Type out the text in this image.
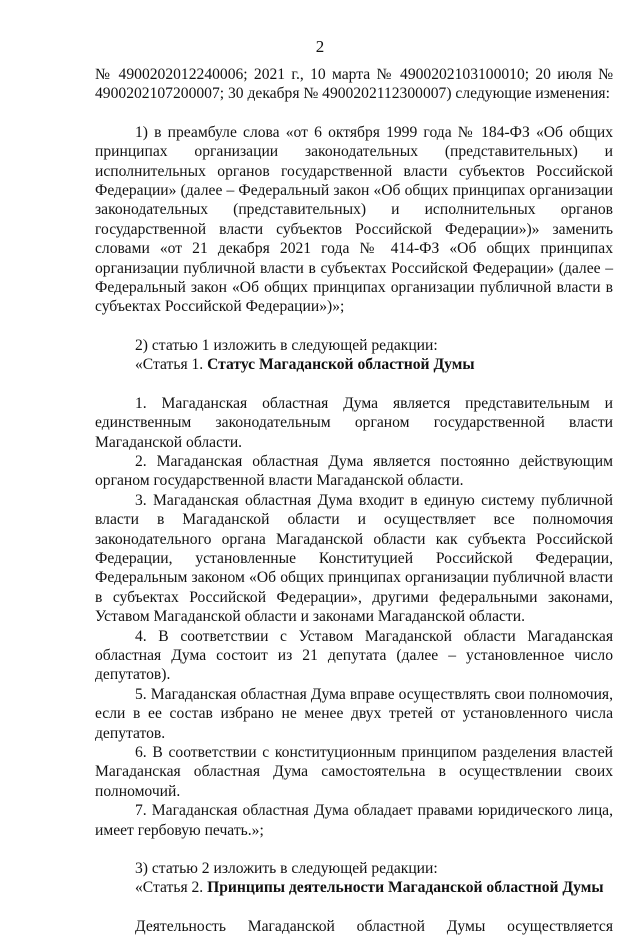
2

№ 4900202012240006; 2021 г., 10 марта № 4900202103100010; 20 июля № 4900202107200007; 30 декабря № 4900202112300007) следующие изменения:

1) в преамбуле слова «от 6 октября 1999 года № 184-ФЗ «Об общих принципах организации законодательных (представительных) и исполнительных органов государственной власти субъектов Российской Федерации» (далее – Федеральный закон «Об общих принципах организации законодательных (представительных) и исполнительных органов государственной власти субъектов Российской Федерации»)» заменить словами «от 21 декабря 2021 года № 414-ФЗ «Об общих принципах организации публичной власти в субъектах Российской Федерации» (далее – Федеральный закон «Об общих принципах организации публичной власти в субъектах Российской Федерации»)»;

2) статью 1 изложить в следующей редакции:

«Статья 1. Статус Магаданской областной Думы

1. Магаданская областная Дума является представительным и единственным законодательным органом государственной власти Магаданской области.

2. Магаданская областная Дума является постоянно действующим органом государственной власти Магаданской области.

3. Магаданская областная Дума входит в единую систему публичной власти в Магаданской области и осуществляет все полномочия законодательного органа Магаданской области как субъекта Российской Федерации, установленные Конституцией Российской Федерации, Федеральным законом «Об общих принципах организации публичной власти в субъектах Российской Федерации», другими федеральными законами, Уставом Магаданской области и законами Магаданской области.

4. В соответствии с Уставом Магаданской области Магаданская областная Дума состоит из 21 депутата (далее – установленное число депутатов).

5. Магаданская областная Дума вправе осуществлять свои полномочия, если в ее состав избрано не менее двух третей от установленного числа депутатов.

6. В соответствии с конституционным принципом разделения властей Магаданская областная Дума самостоятельна в осуществлении своих полномочий.

7. Магаданская областная Дума обладает правами юридического лица, имеет гербовую печать.»;

3) статью 2 изложить в следующей редакции:

«Статья 2. Принципы деятельности Магаданской областной Думы

Деятельность Магаданской областной Думы осуществляется
